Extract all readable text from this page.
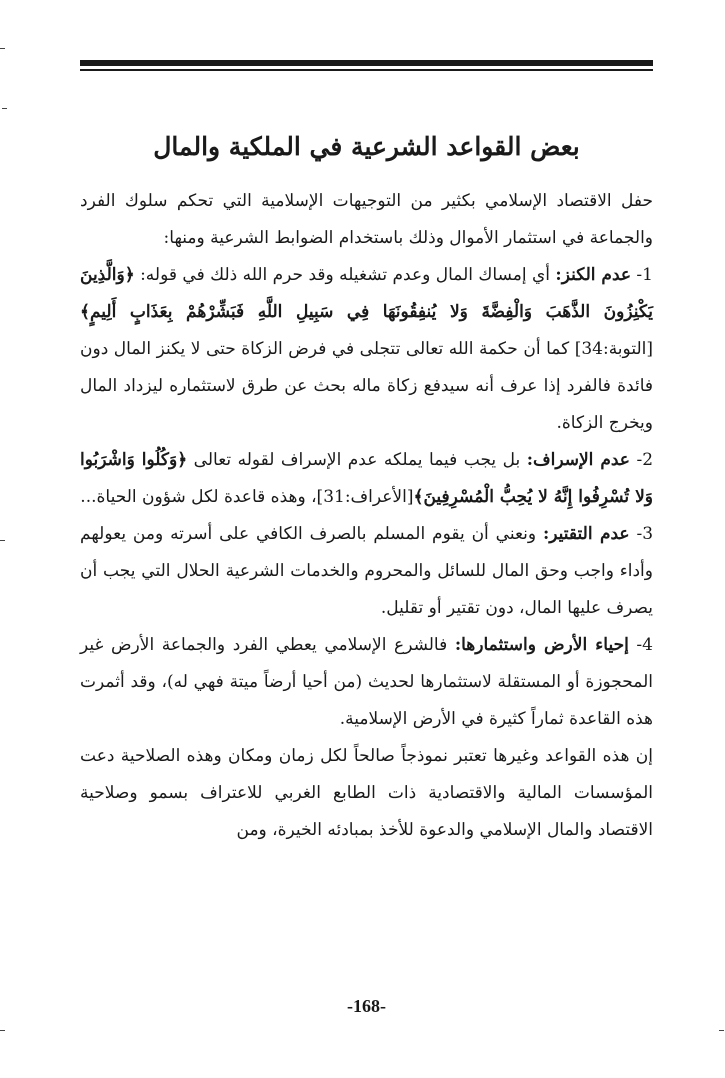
بعض القواعد الشرعية في الملكية والمال

حفل الاقتصاد الإسلامي بكثير من التوجيهات الإسلامية التي تحكم سلوك الفرد والجماعة في استثمار الأموال وذلك باستخدام الضوابط الشرعية ومنها:

1- عدم الكنز: أي إمساك المال وعدم تشغيله وقد حرم الله ذلك في قوله: ﴿وَالَّذِينَ يَكْنِزُونَ الذَّهَبَ وَالْفِضَّةَ وَلا يُنفِقُونَهَا فِي سَبِيلِ اللَّهِ فَبَشِّرْهُمْ بِعَذَابٍ أَلِيمٍ﴾[التوبة:34] كما أن حكمة الله تعالى تتجلى في فرض الزكاة حتى لا يكنز المال دون فائدة فالفرد إذا عرف أنه سيدفع زكاة ماله بحث عن طرق لاستثماره ليزداد المال ويخرج الزكاة.

2- عدم الإسراف: بل يجب فيما يملكه عدم الإسراف لقوله تعالى ﴿وَكُلُوا وَاشْرَبُوا وَلا تُسْرِفُوا إِنَّهُ لا يُحِبُّ الْمُسْرِفِينَ﴾[الأعراف:31]، وهذه قاعدة لكل شؤون الحياة...

3- عدم التقتير: ونعني أن يقوم المسلم بالصرف الكافي على أسرته ومن يعولهم وأداء واجب وحق المال للسائل والمحروم والخدمات الشرعية الحلال التي يجب أن يصرف عليها المال، دون تقتير أو تقليل.

4- إحياء الأرض واستثمارها: فالشرع الإسلامي يعطي الفرد والجماعة الأرض غير المحجوزة أو المستقلة لاستثمارها لحديث (من أحيا أرضاً ميتة فهي له)، وقد أثمرت هذه القاعدة ثماراً كثيرة في الأرض الإسلامية.

إن هذه القواعد وغيرها تعتبر نموذجاً صالحاً لكل زمان ومكان وهذه الصلاحية دعت المؤسسات المالية والاقتصادية ذات الطابع الغربي للاعتراف بسمو وصلاحية الاقتصاد والمال الإسلامي والدعوة للأخذ بمبادئه الخيرة، ومن

-168-
